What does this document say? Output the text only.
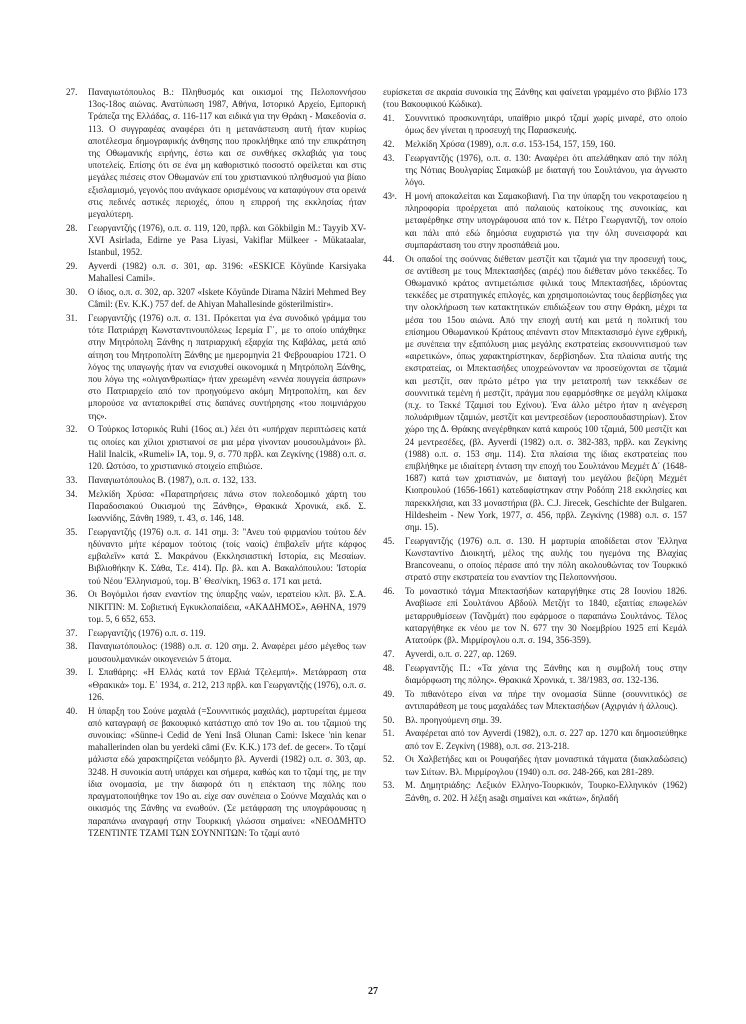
27.	Παναγιωτόπουλος Β.: Πληθυσμός και οικισμοί της Πελοποννήσου 13ος-18ος αιώνας. Ανατύπωση 1987, Αθήνα, Ιστορικό Αρχείο, Εμπορική Τράπεζα της Ελλάδας, σ. 116-117 και ειδικά για την Θράκη - Μακεδονία σ. 113. Ο συγγραφέας αναφέρει ότι η μετανάστευση αυτή ήταν κυρίως αποτέλεσμα δημογραφικής άνθησης που προκλήθηκε από την επικράτηση της Οθωμανικής ειρήνης, έστω και σε συνθήκες σκλαβιάς για τους υποτελείς. Επίσης ότι σε ένα μη καθοριστικό ποσοστό οφείλεται και στις μεγάλες πιέσεις στον Οθωμανών επί του χριστιανικού πληθυσμού για βίαιο εξισλαμισμό, γεγονός που ανάγκασε ορισμένους να καταφύγουν στα ορεινά στις πεδινές αστικές περιοχές, όπου η επιρροή της εκκλησίας ήταν μεγαλύτερη.

28.	Γεωργαντζής (1976), ο.π. σ. 119, 120, πρβλ. και Gökbilgin M.: Tayyib XV-XVI Asirlada, Edirne ye Pasa Liyasi, Vakiflar Mülkeer - Mükataalar, Istanbul, 1952.

29.	Ayverdi (1982) ο.π. σ. 301, αρ. 3196: «ESKICE Köyünde Karsiyaka Mahallesi Camil».

30.	Ο ίδιος, ο.π. σ. 302, αρ. 3207 «Iskete Köyünde Dirama Nâziri Mehmed Bey Câmil: (Ev. K.K.) 757 def. de Ahiyan Mahallesinde gösterilmistir».

31.	Γεωργαντζής (1976) ο.π. σ. 131. Πρόκειται για ένα συνοδικό γράμμα του τότε Πατριάρχη Κωνσταντινουπόλεως Ιερεμία Γ΄, με το οποίο υπάχθηκε στην Μητρόπολη Ξάνθης η πατριαρχική εξαρχία της Καβάλας, μετά από αίτηση του Μητροπολίτη Ξάνθης με ημερομηνία 21 Φεβρουαρίου 1721. Ο λόγος της υπαγωγής ήταν να ενισχυθεί οικονομικά η Μητρόπολη Ξάνθης, που λόγω της «ολιγανθρωπίας» ήταν χρεωμένη «εννέα πουγγεία άσπρων» στο Πατριαρχείο από τον προηγούμενο ακόμη Μητροπολίτη, και δεν μπορούσε να ανταποκριθεί στις δαπάνες συντήρησης «του ποιμνιάρχου της».

32.	Ο Τούρκος Ιστορικός Ruhi (16ος αι.) λέει ότι «υπήρχαν περιπτώσεις κατά τις οποίες και χίλιοι χριστιανοί σε μια μέρα γίνονταν μουσουλμάνοι» βλ. Halil Inalcik, «Rumeli» IA, τομ. 9, σ. 770 πρβλ. και Ζεγκίνης (1988) ο.π. σ. 120. Ωστόσο, το χριστιανικό στοιχείο επιβιώσε.

33.	Παναγιωτόπουλος Β. (1987), ο.π. σ. 132, 133.

34.	Μελκίδη Χρύσα: «Παρατηρήσεις πάνω στον πολεοδομικό χάρτη του Παραδοσιακού Οικισμού της Ξάνθης», Θρακικά Χρονικά, εκδ. Σ. Ιωαννίδης, Ξάνθη 1989, τ. 43, σ. 146, 148.

35.	Γεωργαντζής (1976) ο.π. σ. 141 σημ. 3: "Ανευ τού φιρμανίου τούτου δέν ηδύναντο μήτε κέραμον τούτοις (τοίς ναοίς) έπιβαλεΐν μήτε κάρφος εμβαλεΐν» κατά Σ. Μακράνου (Εκκλησιαστική Ιστορία, εις Μεσαίων. Βιβλιοθήκην Κ. Σάθα, Τ.ε. 414). Πρ. βλ. και Α. Βακαλόπουλου: 'Ιστορία τού Νέου 'Ελληνισμού, τομ. Β΄ Θεσ/νίκη, 1963 σ. 171 και μετά.

36.	Οι Βογόμιλοι ήσαν εναντίον της ύπαρξης ναών, ιερατείου κλπ. βλ. Σ.Α. ΝΙΚΙΤΙΝ: Μ. Σοβιετική Εγκυκλοπαίδεια, «ΑΚΑΔΗΜΟΣ», ΑΘΗΝΑ, 1979 τομ. 5, 6 652, 653.

37.	Γεωργαντζής (1976) ο.π. σ. 119.

38.	Παναγιωτόπουλος: (1988) ο.π. σ. 120 σημ. 2. Αναφέρει μέσο μέγεθος των μουσουλμανικών οικογενειών 5 άτομα.

39.	Ι. Σπαθάρης: «Η Ελλάς κατά τον Εβλιά Τζελεμπή». Μετάφραση στα «Θρακικά» τομ. Ε΄ 1934, σ. 212, 213 πρβλ. και Γεωργαντζής (1976), ο.π. σ. 126.

40.	Η ύπαρξη του Σούνε μαχαλά (=Σουννιτικός μαχαλάς), μαρτυρείται έμμεσα από καταγραφή σε βακουφικό κατάστιχο από τον 19ο αι. του τζαμιού της συνοικίας: «Sünne-i Cedid de Yeni Insâ Olunan Cami: Iskece 'nin kenar mahallerinden olan bu yerdeki câmi (Ev. K.K.) 173 def. de gecer». Το τζαμί μάλιστα εδώ χαρακτηρίζεται νεόδμητο βλ. Ayverdi (1982) ο.π. σ. 303, αρ. 3248. Η συνοικία αυτή υπάρχει και σήμερα, καθώς και το τζαμί της, με την ίδια ονομασία, με την διαφορά ότι η επέκταση της πόλης που πραγματοποιήθηκε τον 19ο αι. είχε σαν συνέπεια ο Σούννε Μαχαλάς και ο οικισμός της Ξάνθης να ενωθούν. (Σε μετάφραση της υπογράφουσας η παραπάνω αναγραφή στην Τουρκική γλώσσα σημαίνει: «ΝΕΟΔΜΗΤΟ ΤΖΕΝΤΙΝΤΕ ΤΖΑΜΙ ΤΩΝ ΣΟΥΝΝΙΤΩΝ: Το τζαμί αυτό

ευρίσκεται σε ακραία συνοικία της Ξάνθης και φαίνεται γραμμένο στο βιβλίο 173 (του Βακουφικού Κώδικα).

41.	Σουννιτικό προσκυνητάρι, υπαίθριο μικρό τζαμί χωρίς μιναρέ, στο οποίο όμως δεν γίνεται η προσευχή της Παρασκευής.

42.	Μελκίδη Χρύσα (1989), ο.π. σ.σ. 153-154, 157, 159, 160.

43.	Γεωργαντζής (1976), ο.π. σ. 130: Αναφέρει ότι απελάθηκαν από την πόλη της Νότιας Βουλγαρίας Σαμακώβ με διαταγή του Σουλτάνου, για άγνωστο λόγο.

43ᵃ. Η μονή αποκαλείται και Σαμακοβιανή. Για την ύπαρξη του νεκροταφείου η πληροφορία προέρχεται από παλαιούς κατοίκους της συνοικίας, και μεταφέρθηκε στην υπογράφουσα από τον κ. Πέτρο Γεωργαντζή, τον οποίο και πάλι από εδώ δημόσια ευχαριστώ για την όλη συνεισφορά και συμπαράσταση του στην προσπάθειά μου.

44.	Οι οπαδοί της σούννας διέθεταν μεστζίτ και τζαμιά για την προσευχή τους, σε αντίθεση με τους Μπεκτασήδες (αιρές) που διέθεταν μόνο τεκκέδες. Το Οθωμανικό κράτος αντιμετώπισε φιλικά τους Μπεκτασήδες, ιδρύοντας τεκκέδες με στρατηγικές επιλογές, και χρησιμοποιώντας τους δερβίσηδες για την ολοκλήρωση των κατακτητικών επιδιώξεων του στην Θράκη, μέχρι τα μέσα του 15ου αιώνα. Από την εποχή αυτή και μετά η πολιτική του επίσημου Οθωμανικού Κράτους απέναντι στον Μπεκτασισμό έγινε εχθρική, με συνέπεια την εξαπόλυση μιας μεγάλης εκστρατείας εκσουννιτισμού των «αιρετικών», όπως χαρακτηρίστηκαν, δερβίσηδων. Στα πλαίσια αυτής της εκστρατείας, οι Μπεκτασήδες υποχρεώνονταν να προσεύχονται σε τζαμιά και μεστζίτ, σαν πρώτο μέτρο για την μετατροπή των τεκκέδων σε σουννιτικά τεμένη ή μεστζίτ, πράγμα που εφαρμόσθηκε σε μεγάλη κλίμακα (π.χ. το Τεκκέ Τζαμισί του Εχίνου). Ένα άλλο μέτρο ήταν η ανέγερση πολυάριθμων τζαμιών, μεστζίτ και μεντρεσέδων (ιεροσπουδαστηρίων). Στον χώρο της Δ. Θράκης ανεγέρθηκαν κατά καιρούς 100 τζαμιά, 500 μεστζίτ και 24 μεντρεσέδες, (βλ. Ayverdi (1982) ο.π. σ. 382-383, πρβλ. και Ζεγκίνης (1988) ο.π. σ. 153 σημ. 114). Στα πλαίσια της ίδιας εκστρατείας που επιβλήθηκε με ιδιαίτερη ένταση την εποχή του Σουλτάνου Μεχμέτ Δ΄ (1648-1687) κατά των χριστιανών, με διαταγή του μεγάλου βεζύρη Μεχμέτ Κιοπρουλού (1656-1661) κατεδαφίστηκαν στην Ροδόπη 218 εκκλησίες και παρεκκλήσια, και 33 μοναστήρια (βλ. C.J. Jirecek, Geschichte der Bulgaren. Hildesheim - New York, 1977, σ. 456, πρβλ. Ζεγκίνης (1988) ο.π. σ. 157 σημ. 15).

45.	Γεωργαντζής (1976) ο.π. σ. 130. Η μαρτυρία αποδίδεται στον 'Ελληνα Κωνσταντίνο Διοικητή, μέλος της αυλής του ηγεμόνα της Βλαχίας Brancoveanu, ο οποίος πέρασε από την πόλη ακολουθώντας τον Τουρκικό στρατό στην εκστρατεία του εναντίον της Πελοποννήσου.

46.	Το μοναστικό τάγμα Μπεκτασήδων καταργήθηκε στις 28 Ιουνίου 1826. Αναβίωσε επί Σουλτάνου Αβδούλ Μετζήτ το 1840, εξαιτίας επωφελών μεταρρυθμίσεων (Τανζιμάτ) που εφάρμοσε ο παραπάνω Σουλτάνος. Τέλος καταργήθηκε εκ νέου με τον Ν. 677 την 30 Νοεμβρίου 1925 επί Κεμάλ Ατατούρκ (βλ. Μιρμίρογλου ο.π. σ. 194, 356-359).

47.	Ayverdi, ο.π. σ. 227, αρ. 1269.

48.	Γεωργαντζής Π.: «Τα χάνια της Ξάνθης και η συμβολή τους στην διαμόρφωση της πόλης». Θρακικά Χρονικά, τ. 38/1983, σσ. 132-136.

49.	Το πιθανότερο είναι να πήρε την ονομασία Sünne (σουννιτικός) σε αντιπαράθεση με τους μαχαλάδες των Μπεκτασήδων (Αχιργιάν ή άλλους).

50.	Βλ. προηγούμενη σημ. 39.

51.	Αναφέρεται από τον Ayverdi (1982), ο.π. σ. 227 αρ. 1270 και δημοσιεύθηκε από τον Ε. Ζεγκίνη (1988), ο.π. σσ. 213-218.

52.	Οι Χαλβετήδες και οι Ρουφαήδες ήταν μοναστικά τάγματα (διακλαδώσεις) των Σιίτων. Βλ. Μιρμίρογλου (1940) ο.π. σσ. 248-266, και 281-289.

53.	Μ. Δημητριάδης: Λεξικόν Ελληνο-Τουρκικόν, Τουρκο-Ελληνικόν (1962) Ξάνθη, σ. 202. Η λέξη asağı σημαίνει και «κάτω», δηλαδή

27
